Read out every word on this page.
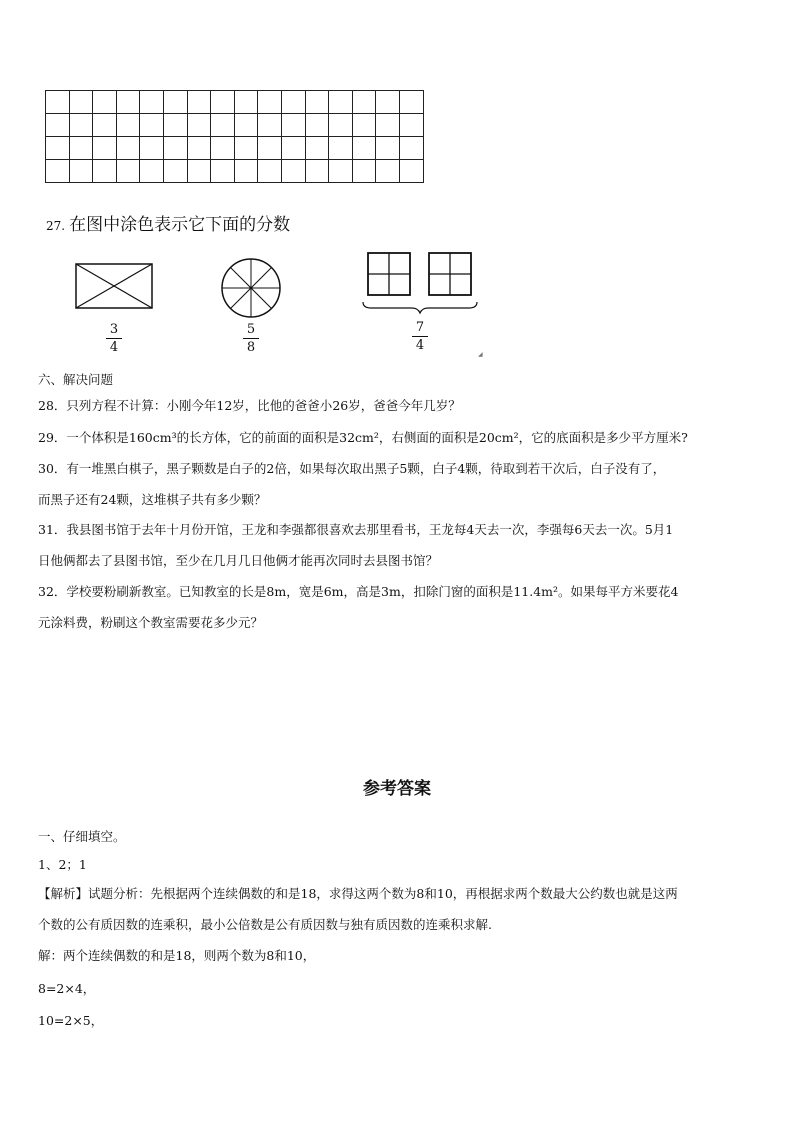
27. 在图中涂色表示它下面的分数
◢
3
4
5
8
7
4
六、解决问题
28．只列方程不计算：小刚今年12岁，比他的爸爸小26岁，爸爸今年几岁？
29．一个体积是160cm³的长方体，它的前面的面积是32cm²，右侧面的面积是20cm²，它的底面积是多少平方厘米?
30．有一堆黑白棋子，黑子颗数是白子的2倍，如果每次取出黑子5颗，白子4颗，待取到若干次后，白子没有了，
而黑子还有24颗，这堆棋子共有多少颗？
31．我县图书馆于去年十月份开馆，王龙和李强都很喜欢去那里看书，王龙每4天去一次，李强每6天去一次。5月1
日他俩都去了县图书馆，至少在几月几日他俩才能再次同时去县图书馆？
32．学校要粉刷新教室。已知教室的长是8m，宽是6m，高是3m，扣除门窗的面积是11.4m²。如果每平方米要花4
元涂料费，粉刷这个教室需要花多少元？
参考答案
一、仔细填空。
1、2；1
【解析】试题分析：先根据两个连续偶数的和是18，求得这两个数为8和10，再根据求两个数最大公约数也就是这两
个数的公有质因数的连乘积，最小公倍数是公有质因数与独有质因数的连乘积求解.
解：两个连续偶数的和是18，则两个数为8和10，
8=2×4，
10=2×5，
